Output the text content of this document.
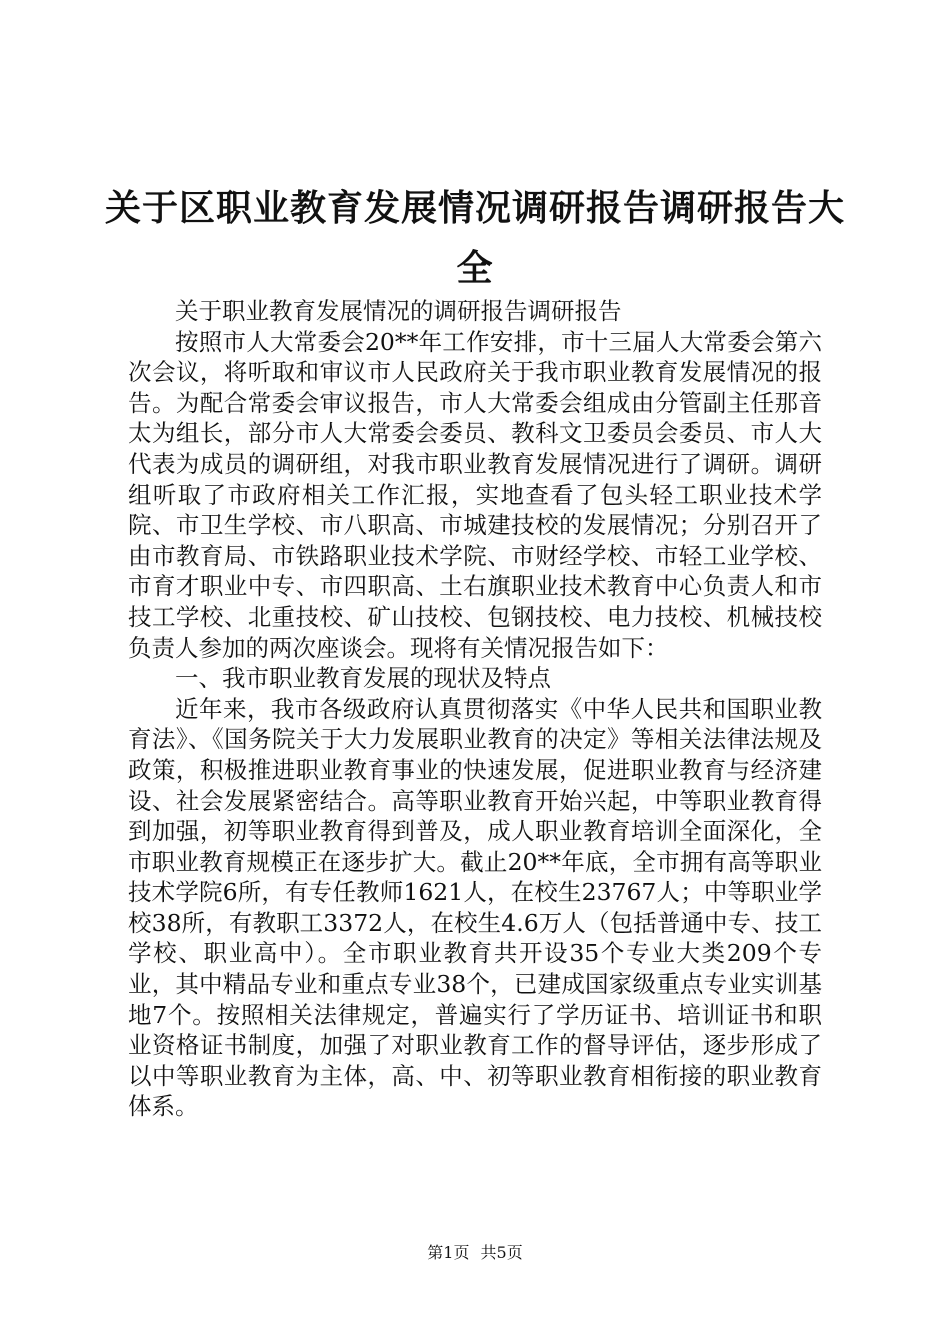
关于区职业教育发展情况调研报告调研报告大
全

关于职业教育发展情况的调研报告调研报告

按照市人大常委会20**年工作安排，市十三届人大常委会第六次会议，将听取和审议市人民政府关于我市职业教育发展情况的报告。为配合常委会审议报告，市人大常委会组成由分管副主任那音太为组长，部分市人大常委会委员、教科文卫委员会委员、市人大代表为成员的调研组，对我市职业教育发展情况进行了调研。调研组听取了市政府相关工作汇报，实地查看了包头轻工职业技术学院、市卫生学校、市八职高、市城建技校的发展情况；分别召开了由市教育局、市铁路职业技术学院、市财经学校、市轻工业学校、市育才职业中专、市四职高、土右旗职业技术教育中心负责人和市技工学校、北重技校、矿山技校、包钢技校、电力技校、机械技校负责人参加的两次座谈会。现将有关情况报告如下：

一、我市职业教育发展的现状及特点

近年来，我市各级政府认真贯彻落实《中华人民共和国职业教育法》、《国务院关于大力发展职业教育的决定》等相关法律法规及政策，积极推进职业教育事业的快速发展，促进职业教育与经济建设、社会发展紧密结合。高等职业教育开始兴起，中等职业教育得到加强，初等职业教育得到普及，成人职业教育培训全面深化，全市职业教育规模正在逐步扩大。截止20**年底，全市拥有高等职业技术学院6所，有专任教师1621人，在校生23767人；中等职业学校38所，有教职工3372人，在校生4.6万人（包括普通中专、技工学校、职业高中）。全市职业教育共开设35个专业大类209个专业，其中精品专业和重点专业38个，已建成国家级重点专业实训基地7个。按照相关法律规定，普遍实行了学历证书、培训证书和职业资格证书制度，加强了对职业教育工作的督导评估，逐步形成了以中等职业教育为主体，高、中、初等职业教育相衔接的职业教育体系。

第1页 共5页
